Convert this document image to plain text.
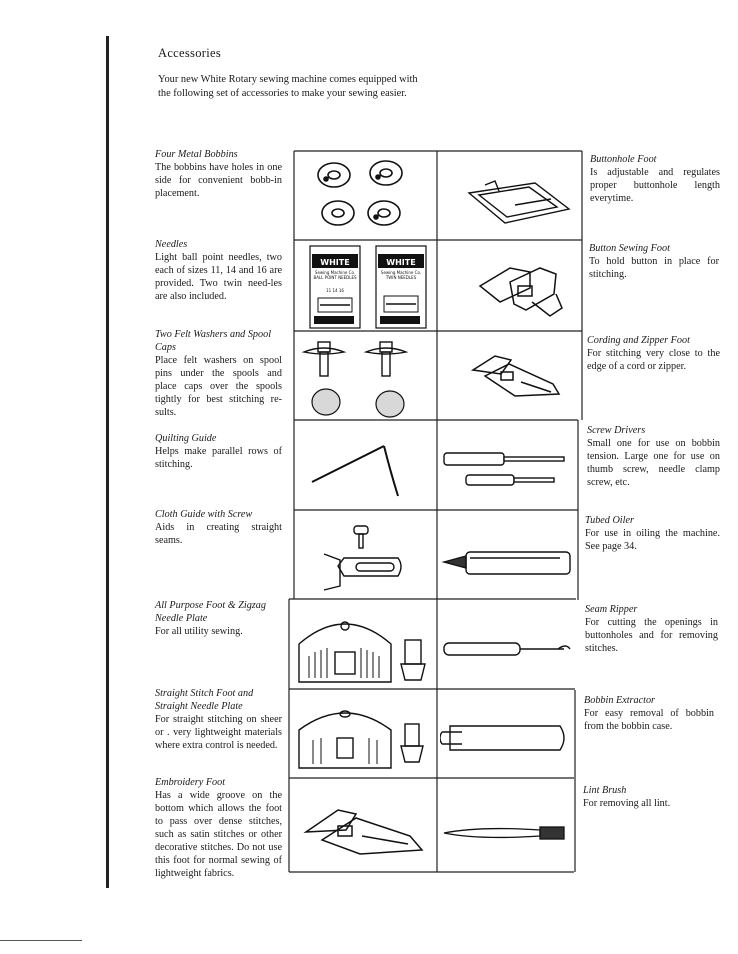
Accessories
Your new White Rotary sewing machine comes equipped with the following set of accessories to make your sewing easier.
Four Metal Bobbins
The bobbins have holes in one side for convenient bobb-in placement.
Needles
Light ball point needles, two each of sizes 11, 14 and 16 are provided. Two twin need-les are also included.
Two Felt Washers and Spool Caps
Place felt washers on spool pins under the spools and place caps over the spools tightly for best stitching re-sults.
Quilting Guide
Helps make parallel rows of stitching.
Cloth Guide with Screw
Aids in creating straight seams.
All Purpose Foot & Zigzag Needle Plate
For all utility sewing.
Straight Stitch Foot and Straight Needle Plate
For straight stitching on sheer or . very lightweight materials where extra control is needed.
Embroidery Foot
Has a wide groove on the bottom which allows the foot to pass over dense stitches, such as satin stitches or other decorative stitches. Do not use this foot for normal sewing of lightweight fabrics.
Buttonhole Foot
Is adjustable and regulates proper buttonhole length everytime.
Button Sewing Foot
To hold button in place for stitching.
Cording and Zipper Foot
For stitching very close to the edge of a cord or zipper.
Screw Drivers
Small one for use on bobbin tension. Large one for use on thumb screw, needle clamp screw, etc.
Tubed Oiler
For use in oiling the machine. See page 34.
Seam Ripper
For cutting the openings in buttonholes and for removing stitches.
Bobbin Extractor
For easy removal of bobbin from the bobbin case.
Lint Brush
For removing all lint.
WHITE
Sewing Machine Co.
BALL POINT NEEDLES
11 14 16
WHITE
Sewing Machine Co.
TWIN NEEDLES
